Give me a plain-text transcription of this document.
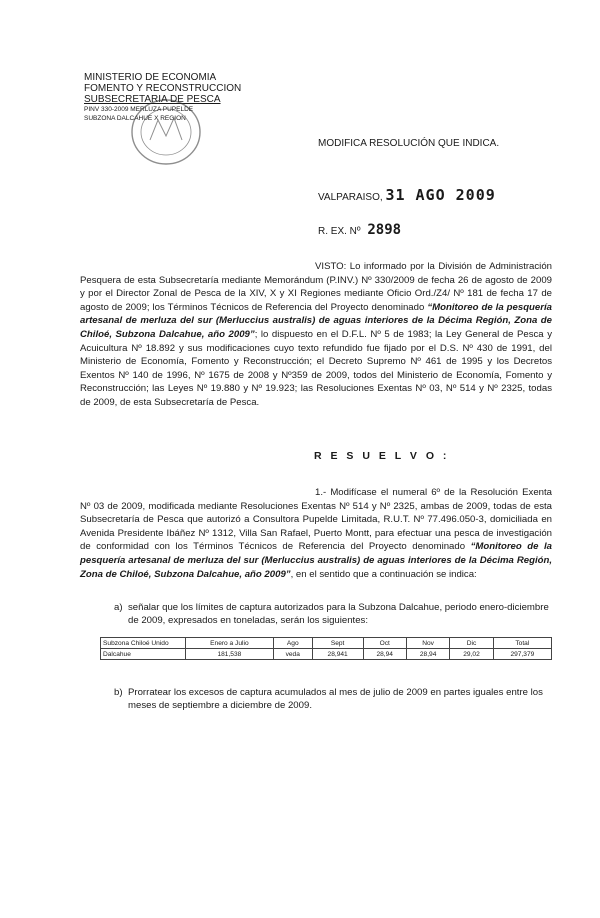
MINISTERIO DE ECONOMIA
FOMENTO Y RECONSTRUCCION
SUBSECRETARIA DE PESCA
PINV 330-2009 MERLUZA PUPELDE
SUBZONA DALCAHUE X REGION
MODIFICA RESOLUCIÓN QUE INDICA.
VALPARAISO, 31 AGO 2009
R. EX. Nº 2898
VISTO: Lo informado por la División de Administración Pesquera de esta Subsecretaría mediante Memorándum (P.INV.) Nº 330/2009 de fecha 26 de agosto de 2009 y por el Director Zonal de Pesca de la XIV, X y XI Regiones mediante Oficio Ord./Z4/ Nº 181 de fecha 17 de agosto de 2009; los Términos Técnicos de Referencia del Proyecto denominado “Monitoreo de la pesquería artesanal de merluza del sur (Merluccius australis) de aguas interiores de la Décima Región, Zona de Chiloé, Subzona Dalcahue, año 2009”; lo dispuesto en el D.F.L. Nº 5 de 1983; la Ley General de Pesca y Acuicultura Nº 18.892 y sus modificaciones cuyo texto refundido fue fijado por el D.S. Nº 430 de 1991, del Ministerio de Economía, Fomento y Reconstrucción; el Decreto Supremo Nº 461 de 1995 y los Decretos Exentos Nº 140 de 1996, Nº 1675 de 2008 y Nº359 de 2009, todos del Ministerio de Economía, Fomento y Reconstrucción; las Leyes Nº 19.880 y Nº 19.923; las Resoluciones Exentas Nº 03, Nº 514 y Nº 2325, todas de 2009, de esta Subsecretaría de Pesca.
R E S U E L V O :
1.- Modifícase el numeral 6º de la Resolución Exenta Nº 03 de 2009, modificada mediante Resoluciones Exentas Nº 514 y Nº 2325, ambas de 2009, todas de esta Subsecretaría de Pesca que autorizó a Consultora Pupelde Limitada, R.U.T. Nº 77.496.050-3, domiciliada en Avenida Presidente Ibáñez Nº 1312, Villa San Rafael, Puerto Montt, para efectuar una pesca de investigación de conformidad con los Términos Técnicos de Referencia del Proyecto denominado “Monitoreo de la pesquería artesanal de merluza del sur (Merluccius australis) de aguas interiores de la Décima Región, Zona de Chiloé, Subzona Dalcahue, año 2009”, en el sentido que a continuación se indica:
a) señalar que los límites de captura autorizados para la Subzona Dalcahue, periodo enero-diciembre de 2009, expresados en toneladas, serán los siguientes:
Subzona Chiloé Unido	Enero a Julio	Ago	Sept	Oct	Nov	Dic	Total
Dalcahue	181,538	veda	28,941	28,94	28,94	29,02	297,379
b) Prorratear los excesos de captura acumulados al mes de julio de 2009 en partes iguales entre los meses de septiembre a diciembre de 2009.
